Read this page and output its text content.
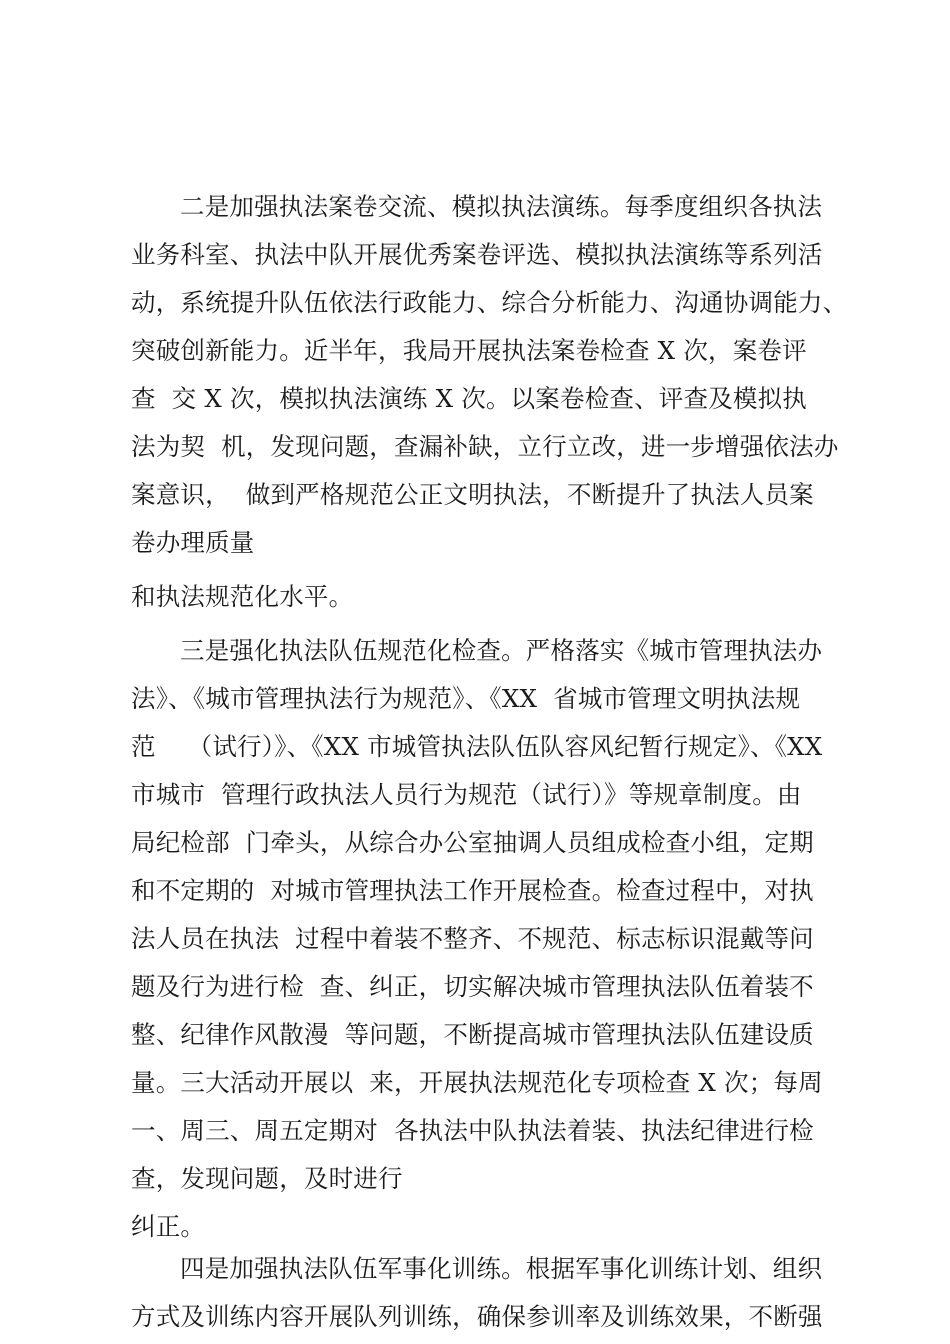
二是加强执法案卷交流、模拟执法演练。每季度组织各执法
业务科室、执法中队开展优秀案卷评选、模拟执法演练等系列活
动，系统提升队伍依法行政能力、综合分析能力、沟通协调能力、
突破创新能力。近半年，我局开展执法案卷检查 X 次，案卷评
查  交 X 次，模拟执法演练 X 次。以案卷检查、评查及模拟执
法为契  机，发现问题，查漏补缺，立行立改，进一步增强依法办
案意识，  做到严格规范公正文明执法，不断提升了执法人员案
卷办理质量
和执法规范化水平。
三是强化执法队伍规范化检查。严格落实《城市管理执法办
法》、《城市管理执法行为规范》、《XX  省城市管理文明执法规
范    （试行）》、《XX 市城管执法队伍队容风纪暂行规定》、《XX
市城市  管理行政执法人员行为规范（试行）》等规章制度。由
局纪检部  门牵头，从综合办公室抽调人员组成检查小组，定期
和不定期的  对城市管理执法工作开展检查。检查过程中，对执
法人员在执法  过程中着装不整齐、不规范、标志标识混戴等问
题及行为进行检  查、纠正，切实解决城市管理执法队伍着装不
整、纪律作风散漫  等问题，不断提高城市管理执法队伍建设质
量。三大活动开展以  来，开展执法规范化专项检查 X 次；每周
一、周三、周五定期对  各执法中队执法着装、执法纪律进行检
查，发现问题，及时进行
纠正。
四是加强执法队伍军事化训练。根据军事化训练计划、组织
方式及训练内容开展队列训练，确保参训率及训练效果，不断强
